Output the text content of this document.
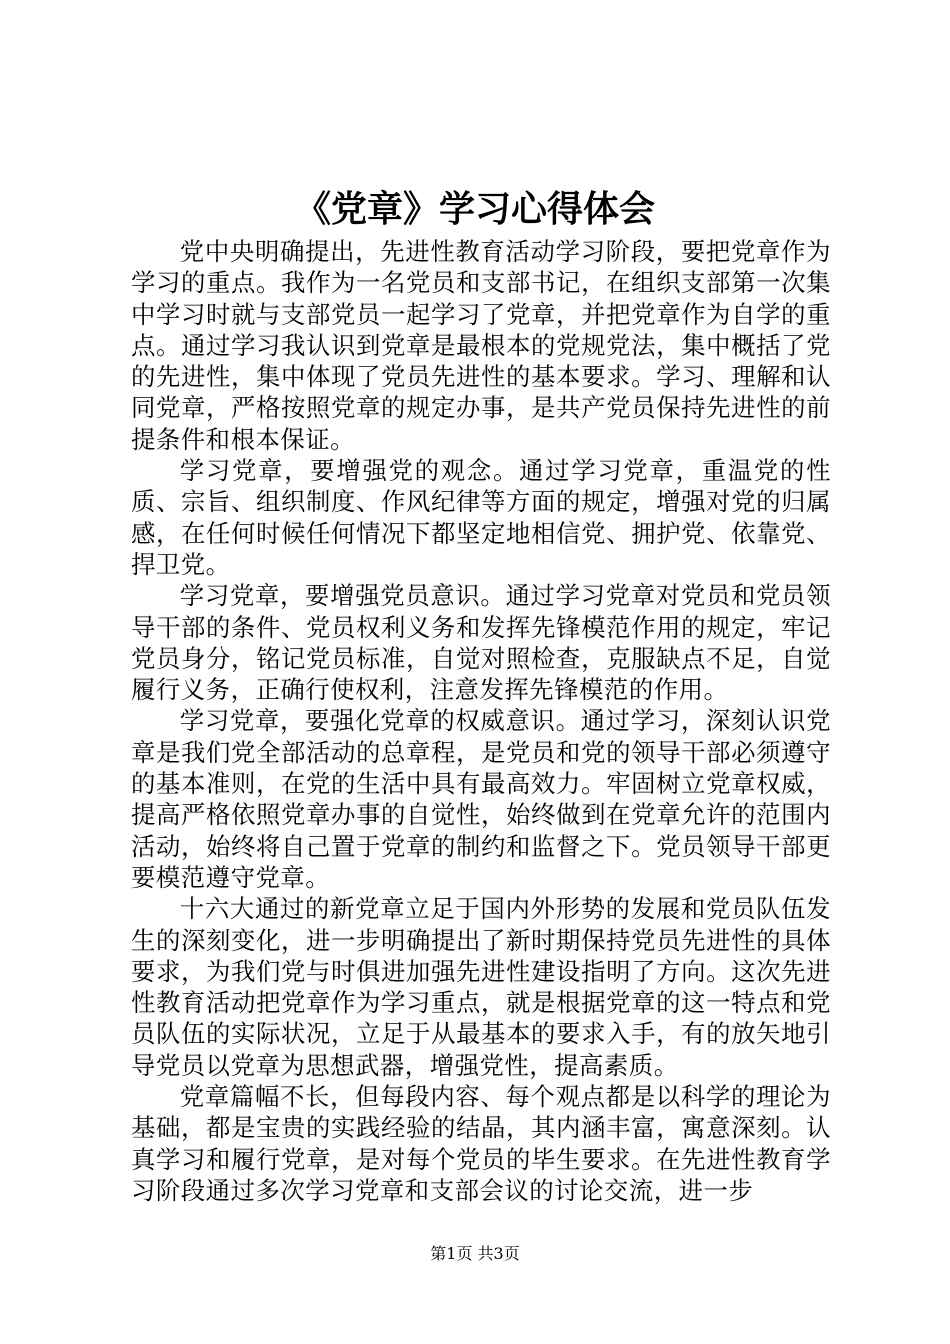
《党章》学习心得体会

党中央明确提出，先进性教育活动学习阶段，要把党章作为学习的重点。我作为一名党员和支部书记，在组织支部第一次集中学习时就与支部党员一起学习了党章，并把党章作为自学的重点。通过学习我认识到党章是最根本的党规党法，集中概括了党的先进性，集中体现了党员先进性的基本要求。学习、理解和认同党章，严格按照党章的规定办事，是共产党员保持先进性的前提条件和根本保证。

学习党章，要增强党的观念。通过学习党章，重温党的性质、宗旨、组织制度、作风纪律等方面的规定，增强对党的归属感，在任何时候任何情况下都坚定地相信党、拥护党、依靠党、捍卫党。

学习党章，要增强党员意识。通过学习党章对党员和党员领导干部的条件、党员权利义务和发挥先锋模范作用的规定，牢记党员身分，铭记党员标准，自觉对照检查，克服缺点不足，自觉履行义务，正确行使权利，注意发挥先锋模范的作用。

学习党章，要强化党章的权威意识。通过学习，深刻认识党章是我们党全部活动的总章程，是党员和党的领导干部必须遵守的基本准则，在党的生活中具有最高效力。牢固树立党章权威，提高严格依照党章办事的自觉性，始终做到在党章允许的范围内活动，始终将自己置于党章的制约和监督之下。党员领导干部更要模范遵守党章。

十六大通过的新党章立足于国内外形势的发展和党员队伍发生的深刻变化，进一步明确提出了新时期保持党员先进性的具体要求，为我们党与时俱进加强先进性建设指明了方向。这次先进性教育活动把党章作为学习重点，就是根据党章的这一特点和党员队伍的实际状况，立足于从最基本的要求入手，有的放矢地引导党员以党章为思想武器，增强党性，提高素质。

党章篇幅不长，但每段内容、每个观点都是以科学的理论为基础，都是宝贵的实践经验的结晶，其内涵丰富，寓意深刻。认真学习和履行党章，是对每个党员的毕生要求。在先进性教育学习阶段通过多次学习党章和支部会议的讨论交流，进一步

第1页 共3页
